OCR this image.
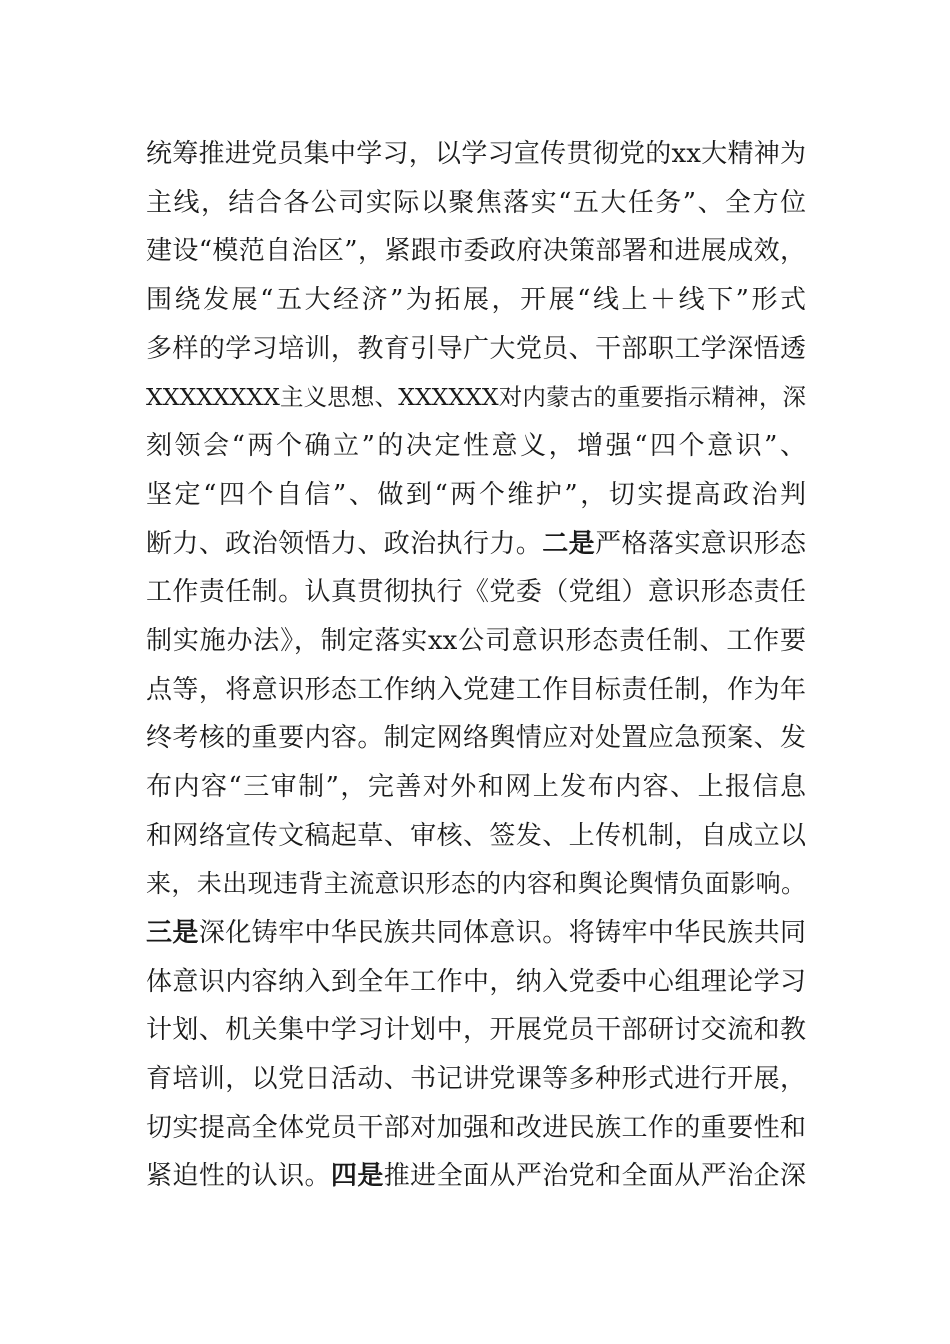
统筹推进党员集中学习，以学习宣传贯彻党的xx大精神为
主线，结合各公司实际以聚焦落实“五大任务”、全方位
建设“模范自治区”，紧跟市委政府决策部署和进展成效，
围绕发展“五大经济”为拓展，开展“线上＋线下”形式
多样的学习培训，教育引导广大党员、干部职工学深悟透
XXXXXXXX主义思想、XXXXXX对内蒙古的重要指示精神，深
刻领会“两个确立”的决定性意义，增强“四个意识”、
坚定“四个自信”、做到“两个维护”，切实提高政治判
断力、政治领悟力、政治执行力。二是严格落实意识形态
工作责任制。认真贯彻执行《党委（党组）意识形态责任
制实施办法》，制定落实xx公司意识形态责任制、工作要
点等，将意识形态工作纳入党建工作目标责任制，作为年
终考核的重要内容。制定网络舆情应对处置应急预案、发
布内容“三审制”，完善对外和网上发布内容、上报信息
和网络宣传文稿起草、审核、签发、上传机制，自成立以
来，未出现违背主流意识形态的内容和舆论舆情负面影响。
三是深化铸牢中华民族共同体意识。将铸牢中华民族共同
体意识内容纳入到全年工作中，纳入党委中心组理论学习
计划、机关集中学习计划中，开展党员干部研讨交流和教
育培训，以党日活动、书记讲党课等多种形式进行开展，
切实提高全体党员干部对加强和改进民族工作的重要性和
紧迫性的认识。四是推进全面从严治党和全面从严治企深
